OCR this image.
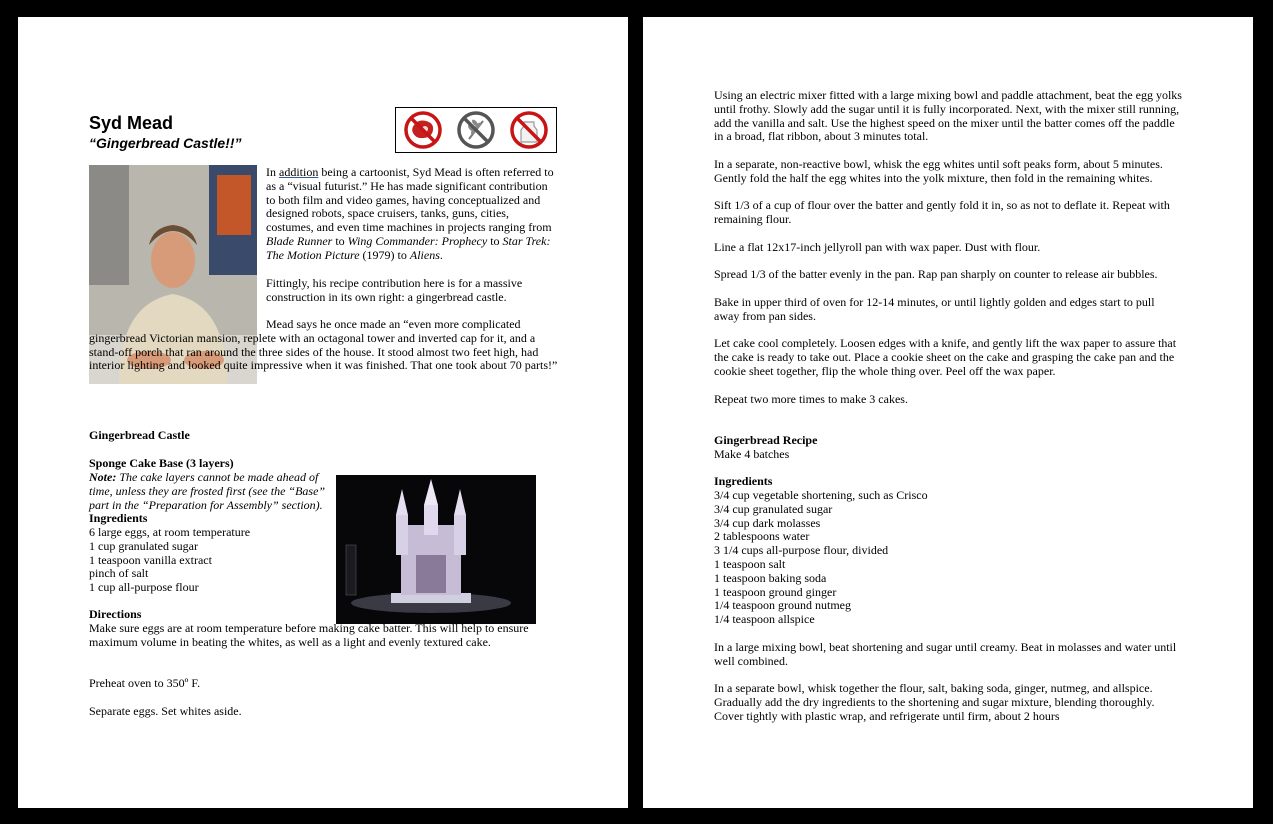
Syd Mead
“Gingerbread Castle!!”
In addition being a cartoonist, Syd Mead is often referred to as a “visual futurist.” He has made significant contribution to both film and video games, having conceptualized and designed robots, space cruisers, tanks, guns, cities, costumes, and even time machines in projects ranging from Blade Runner to Wing Commander: Prophecy to Star Trek: The Motion Picture (1979) to Aliens.
Fittingly, his recipe contribution here is for a massive construction in its own right: a gingerbread castle.
Mead says he once made an “even more complicated gingerbread Victorian mansion, replete with an octagonal tower and inverted cap for it, and a stand-off porch that ran around the three sides of the house. It stood almost two feet high, had interior lighting and looked quite impressive when it was finished. That one took about 70 parts!”
Gingerbread Castle
Sponge Cake Base (3 layers)
Note: The cake layers cannot be made ahead of time, unless they are frosted first (see the “Base” part in the “Preparation for Assembly” section).
Ingredients
6 large eggs, at room temperature
1 cup granulated sugar
1 teaspoon vanilla extract
pinch of salt
1 cup all-purpose flour
Directions
Make sure eggs are at room temperature before making cake batter. This will help to ensure maximum volume in beating the whites, as well as a light and evenly textured cake.
Preheat oven to 350º F.
Separate eggs. Set whites aside.
Using an electric mixer fitted with a large mixing bowl and paddle attachment, beat the egg yolks until frothy. Slowly add the sugar until it is fully incorporated. Next, with the mixer still running, add the vanilla and salt. Use the highest speed on the mixer until the batter comes off the paddle in a broad, flat ribbon, about 3 minutes total.
In a separate, non-reactive bowl, whisk the egg whites until soft peaks form, about 5 minutes. Gently fold the half the egg whites into the yolk mixture, then fold in the remaining whites.
Sift 1/3 of a cup of flour over the batter and gently fold it in, so as not to deflate it. Repeat with remaining flour.
Line a flat 12x17-inch jellyroll pan with wax paper. Dust with flour.
Spread 1/3 of the batter evenly in the pan. Rap pan sharply on counter to release air bubbles.
Bake in upper third of oven for 12-14 minutes, or until lightly golden and edges start to pull away from pan sides.
Let cake cool completely. Loosen edges with a knife, and gently lift the wax paper to assure that the cake is ready to take out. Place a cookie sheet on the cake and grasping the cake pan and the cookie sheet together, flip the whole thing over. Peel off the wax paper.
Repeat two more times to make 3 cakes.
Gingerbread Recipe
Make 4 batches
Ingredients
3/4 cup vegetable shortening, such as Crisco
3/4 cup granulated sugar
3/4 cup dark molasses
2 tablespoons water
3 1/4 cups all-purpose flour, divided
1 teaspoon salt
1 teaspoon baking soda
1 teaspoon ground ginger
1/4 teaspoon ground nutmeg
1/4 teaspoon allspice
In a large mixing bowl, beat shortening and sugar until creamy. Beat in molasses and water until well combined.
In a separate bowl, whisk together the flour, salt, baking soda, ginger, nutmeg, and allspice. Gradually add the dry ingredients to the shortening and sugar mixture, blending thoroughly. Cover tightly with plastic wrap, and refrigerate until firm, about 2 hours
